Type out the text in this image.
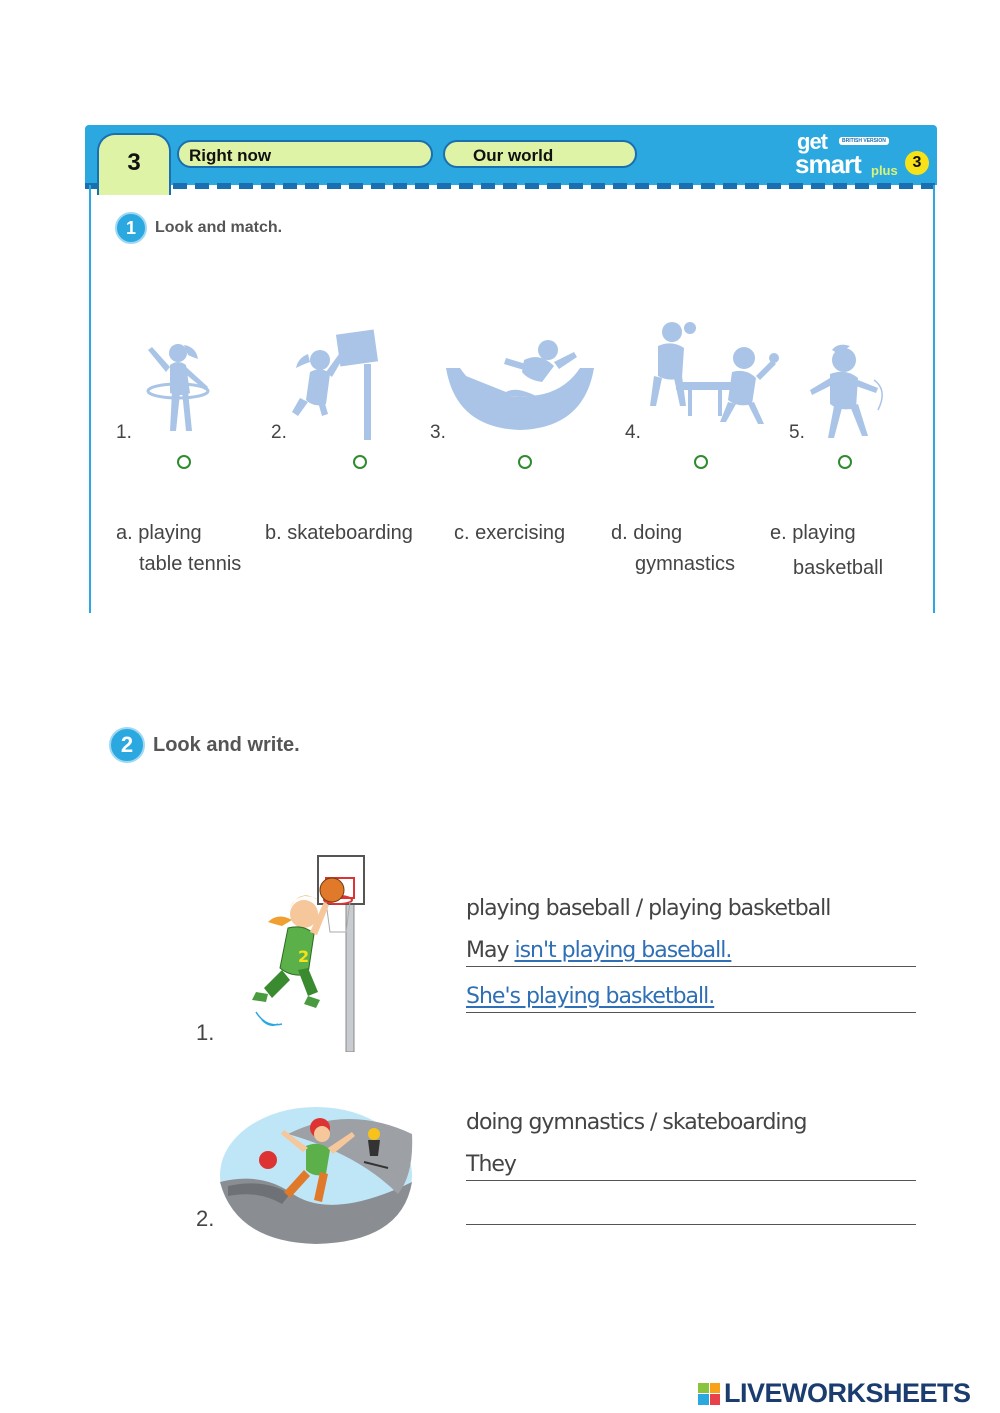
3	Right now	Our world
get	BRITISH VERSION
smart plus 3
1	Look and match.
1.	2.	3.	4.	5.
a. playing
table tennis
b. skateboarding c. exercising d. doing
gymnastics
e. playing
basketball
2 Look and write.
1.
2
playing baseball / playing basketball
May isn't playing baseball.
She's playing basketball.
2.
doing gymnastics / skateboarding
They
LIVEWORKSHEETS
